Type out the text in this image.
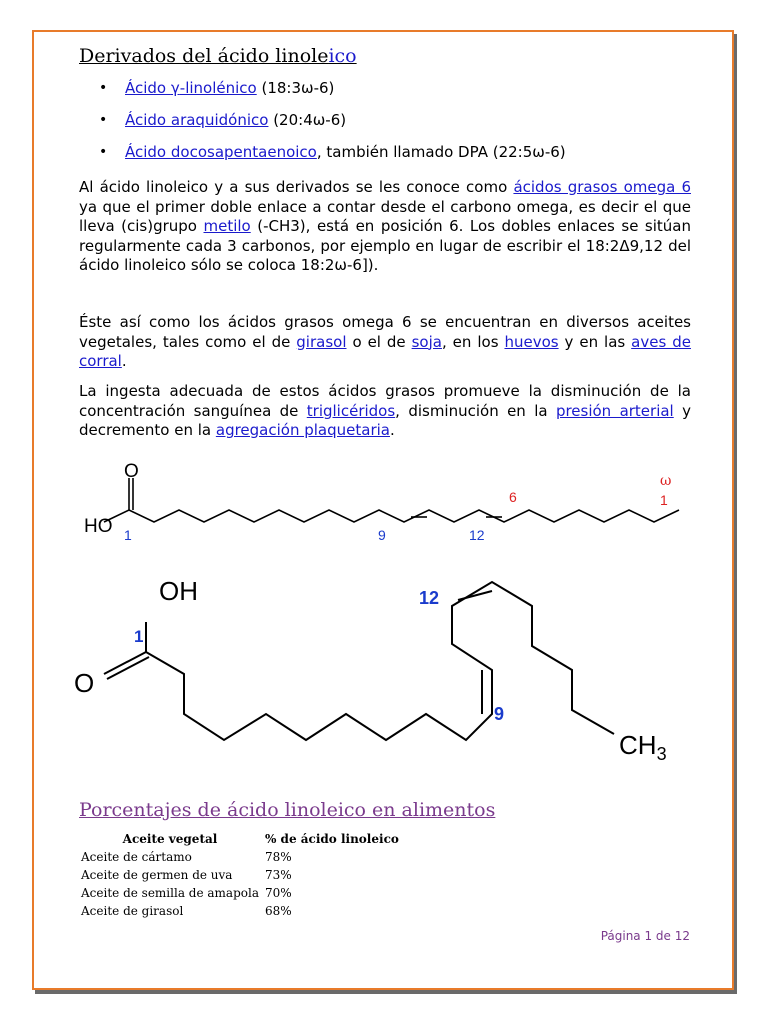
Derivados del ácido linoleico
• Ácido γ-linolénico (18:3ω-6)
• Ácido araquidónico (20:4ω-6)
• Ácido docosapentaenoico, también llamado DPA (22:5ω-6)

Al ácido linoleico y a sus derivados se les conoce como ácidos grasos omega 6 ya que el primer doble enlace a contar desde el carbono omega, es decir el que lleva (cis)grupo metilo (-CH3), está en posición 6. Los dobles enlaces se sitúan regularmente cada 3 carbonos, por ejemplo en lugar de escribir el 18:2Δ9,12 del ácido linoleico sólo se coloca 18:2ω-6]).

Éste así como los ácidos grasos omega 6 se encuentran en diversos aceites vegetales, tales como el de girasol o el de soja, en los huevos y en las aves de corral.

La ingesta adecuada de estos ácidos grasos promueve la disminución de la concentración sanguínea de triglicéridos, disminución en la presión arterial y decremento en la agregación plaquetaria.

HO
O
1	9	12
6
ω
1
OH
O
1
12
9
$CH_3$
Porcentajes de ácido linoleico en alimentos
Aceite vegetal	% de ácido linoleico
Aceite de cártamo	78%
Aceite de germen de uva	73%
Aceite de semilla de amapola	70%
Aceite de girasol	68%
Página 1 de 12
